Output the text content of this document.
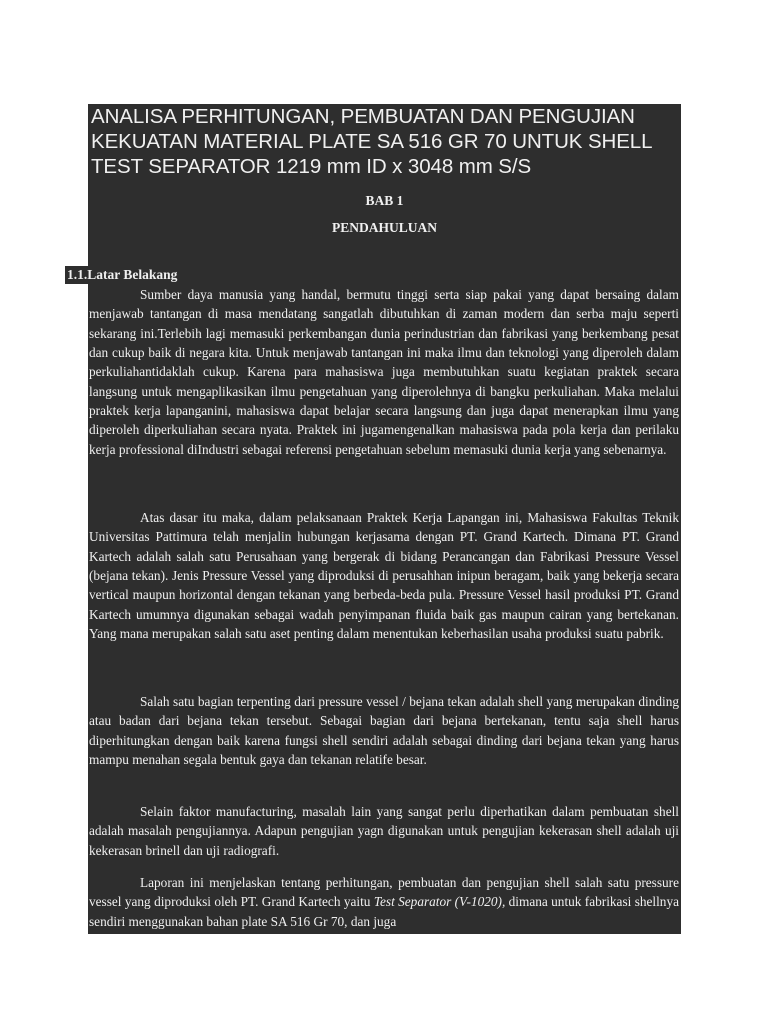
ANALISA PERHITUNGAN, PEMBUATAN DAN PENGUJIAN KEKUATAN MATERIAL PLATE SA 516 GR 70 UNTUK SHELL TEST SEPARATOR 1219 mm ID x 3048 mm S/S

BAB 1

PENDAHULUAN

1.1.Latar Belakang

Sumber daya manusia yang handal, bermutu tinggi serta siap pakai yang dapat bersaing dalam menjawab tantangan di masa mendatang sangatlah dibutuhkan di zaman modern dan serba maju seperti sekarang ini.Terlebih lagi memasuki perkembangan dunia perindustrian dan fabrikasi yang berkembang pesat dan cukup baik di negara kita. Untuk menjawab tantangan ini maka ilmu dan teknologi yang diperoleh dalam perkuliahantidaklah cukup. Karena para mahasiswa juga membutuhkan suatu kegiatan praktek secara langsung untuk mengaplikasikan ilmu pengetahuan yang diperolehnya di bangku perkuliahan. Maka melalui praktek kerja lapanganini, mahasiswa dapat belajar secara langsung dan juga dapat menerapkan ilmu yang diperoleh diperkuliahan secara nyata. Praktek ini jugamengenalkan mahasiswa pada pola kerja dan perilaku kerja professional diIndustri sebagai referensi pengetahuan sebelum memasuki dunia kerja yang sebenarnya.

Atas dasar itu maka, dalam pelaksanaan Praktek Kerja Lapangan ini, Mahasiswa Fakultas Teknik Universitas Pattimura telah menjalin hubungan kerjasama dengan PT. Grand Kartech. Dimana PT. Grand Kartech adalah salah satu Perusahaan yang bergerak di bidang Perancangan dan Fabrikasi Pressure Vessel (bejana tekan). Jenis Pressure Vessel yang diproduksi di perusahhan inipun beragam, baik yang bekerja secara vertical maupun horizontal dengan tekanan yang berbeda-beda pula. Pressure Vessel hasil produksi PT. Grand Kartech umumnya digunakan sebagai wadah penyimpanan fluida baik gas maupun cairan yang bertekanan. Yang mana merupakan salah satu aset penting dalam menentukan keberhasilan usaha produksi suatu pabrik.

Salah satu bagian terpenting dari pressure vessel / bejana tekan adalah shell yang merupakan dinding atau badan dari bejana tekan tersebut. Sebagai bagian dari bejana bertekanan, tentu saja shell harus diperhitungkan dengan baik karena fungsi shell sendiri adalah sebagai dinding dari bejana tekan yang harus mampu menahan segala bentuk gaya dan tekanan relatife besar.

Selain faktor manufacturing, masalah lain yang sangat perlu diperhatikan dalam pembuatan shell adalah masalah pengujiannya. Adapun pengujian yagn digunakan untuk pengujian kekerasan shell adalah uji kekerasan brinell dan uji radiografi.

Laporan ini menjelaskan tentang perhitungan, pembuatan dan pengujian shell salah satu pressure vessel yang diproduksi oleh PT. Grand Kartech yaitu Test Separator (V-1020), dimana untuk fabrikasi shellnya sendiri menggunakan bahan plate SA 516 Gr 70, dan juga
